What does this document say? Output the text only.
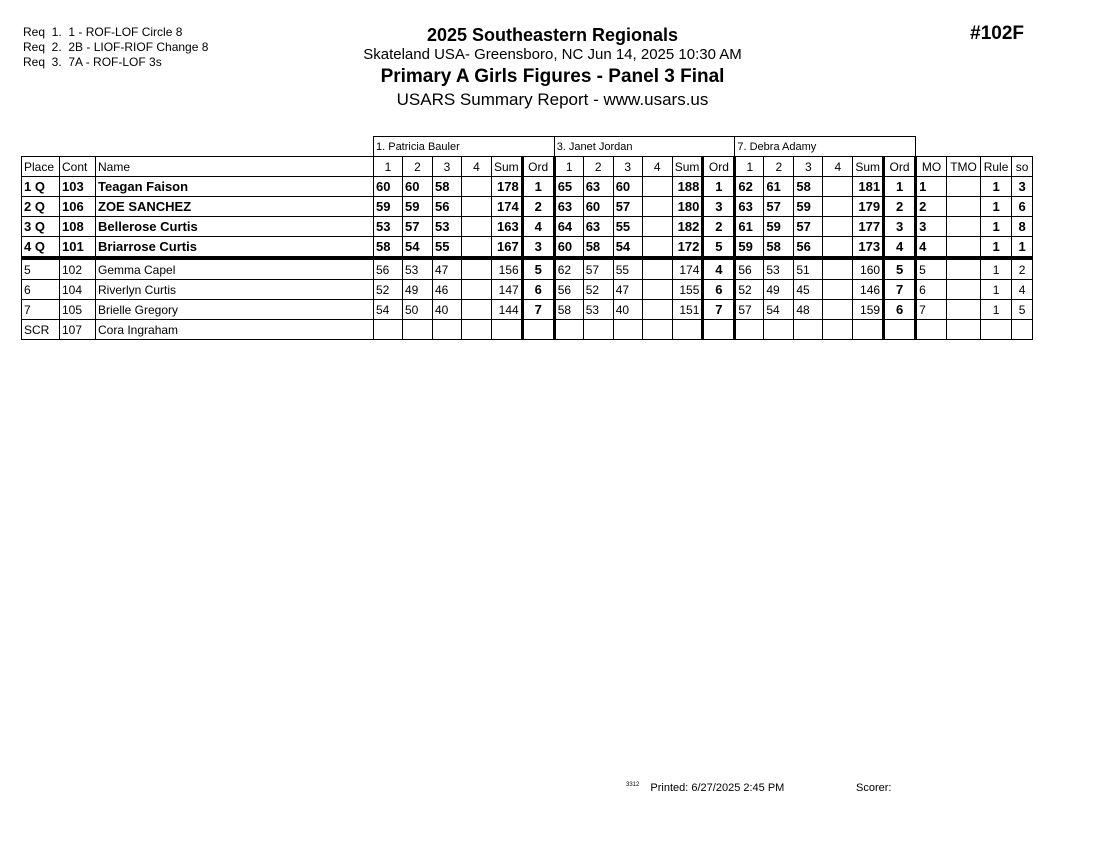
Req  1.  1 - ROF-LOF Circle 8
Req  2.  2B - LIOF-RIOF Change 8
Req  3.  7A - ROF-LOF 3s
2025 Southeastern Regionals
Skateland USA- Greensboro, NC Jun 14, 2025 10:30 AM
Primary A Girls Figures - Panel 3 Final
USARS Summary Report - www.usars.us
#102F
			1. Patricia Bauler						3. Janet Jordan						7. Debra Adamy									
Place	Cont	Name	1	2	3	4	Sum	Ord	1	2	3	4	Sum	Ord	1	2	3	4	Sum	Ord	MO	TMO	Rule	so
1 Q	103	Teagan Faison	60	60	58		178	1	65	63	60		188	1	62	61	58		181	1	1		1	3
2 Q	106	ZOE SANCHEZ	59	59	56		174	2	63	60	57		180	3	63	57	59		179	2	2		1	6
3 Q	108	Bellerose Curtis	53	57	53		163	4	64	63	55		182	2	61	59	57		177	3	3		1	8
4 Q	101	Briarrose Curtis	58	54	55		167	3	60	58	54		172	5	59	58	56		173	4	4		1	1
5	102	Gemma Capel	56	53	47		156	5	62	57	55		174	4	56	53	51		160	5	5		1	2
6	104	Riverlyn Curtis	52	49	46		147	6	56	52	47		155	6	52	49	45		146	7	6		1	4
7	105	Brielle Gregory	54	50	40		144	7	58	53	40		151	7	57	54	48		159	6	7		1	5
SCR	107	Cora Ingraham																						
$^{3312}$ Printed: 6/27/2025 2:45 PM	Scorer:
